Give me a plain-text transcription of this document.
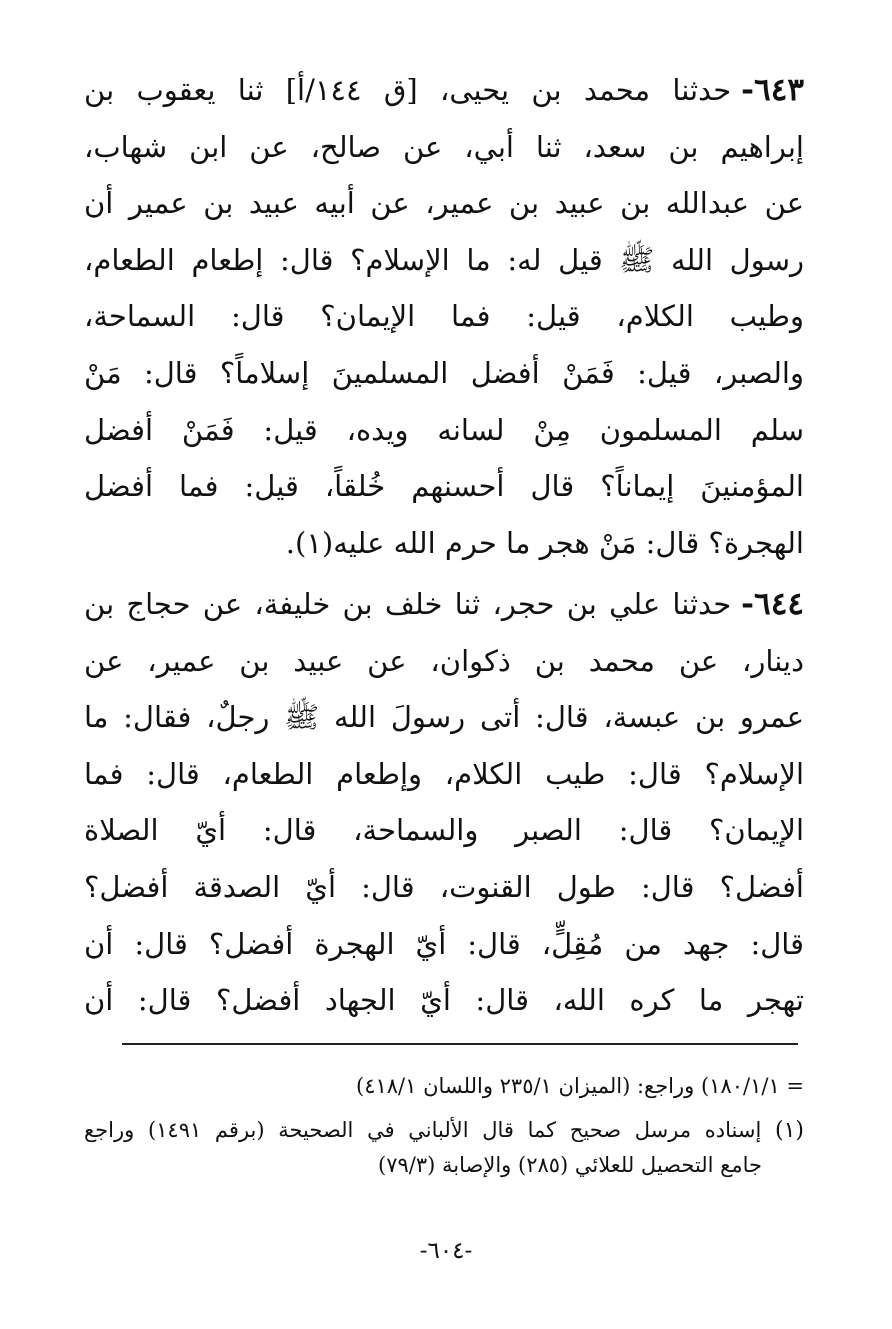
٦٤٣-
حدثنا محمد بن يحيى، [ق ١٤٤/أ] ثنا يعقوب بن
إبراهيم بن سعد، ثنا أبي، عن صالح، عن ابن شهاب،
عن عبدالله بن عبيد بن عمير، عن أبيه عبيد بن عمير أن
رسول الله ﷺ قيل له: ما الإسلام؟ قال: إطعام الطعام،
وطيب الكلام، قيل: فما الإيمان؟ قال: السماحة،
والصبر، قيل: فَمَنْ أفضل المسلمينَ إسلاماً؟ قال: مَنْ
سلم المسلمون مِنْ لسانه ويده، قيل: فَمَنْ أفضل
المؤمنينَ إيماناً؟ قال أحسنهم خُلقاً، قيل: فما أفضل
الهجرة؟ قال: مَنْ هجر ما حرم الله عليه(١).
٦٤٤-
حدثنا علي بن حجر، ثنا خلف بن خليفة، عن حجاج بن
دينار، عن محمد بن ذكوان، عن عبيد بن عمير، عن
عمرو بن عبسة، قال: أتى رسولَ الله ﷺ رجلٌ، فقال: ما
الإسلام؟ قال: طيب الكلام، وإطعام الطعام، قال: فما
الإيمان؟ قال: الصبر والسماحة، قال: أيّ الصلاة
أفضل؟ قال: طول القنوت، قال: أيّ الصدقة أفضل؟
قال: جهد من مُقِلٍّ، قال: أيّ الهجرة أفضل؟ قال: أن
تهجر ما كره الله، قال: أيّ الجهاد أفضل؟ قال: أن
= ١٨٠/١/١) وراجع: (الميزان ٢٣٥/١ واللسان ٤١٨/١)
(١) إسناده مرسل صحيح كما قال الألباني في الصحيحة (برقم ١٤٩١) وراجع
جامع التحصيل للعلائي (٢٨٥) والإصابة (٧٩/٣)
-٦٠٤-
